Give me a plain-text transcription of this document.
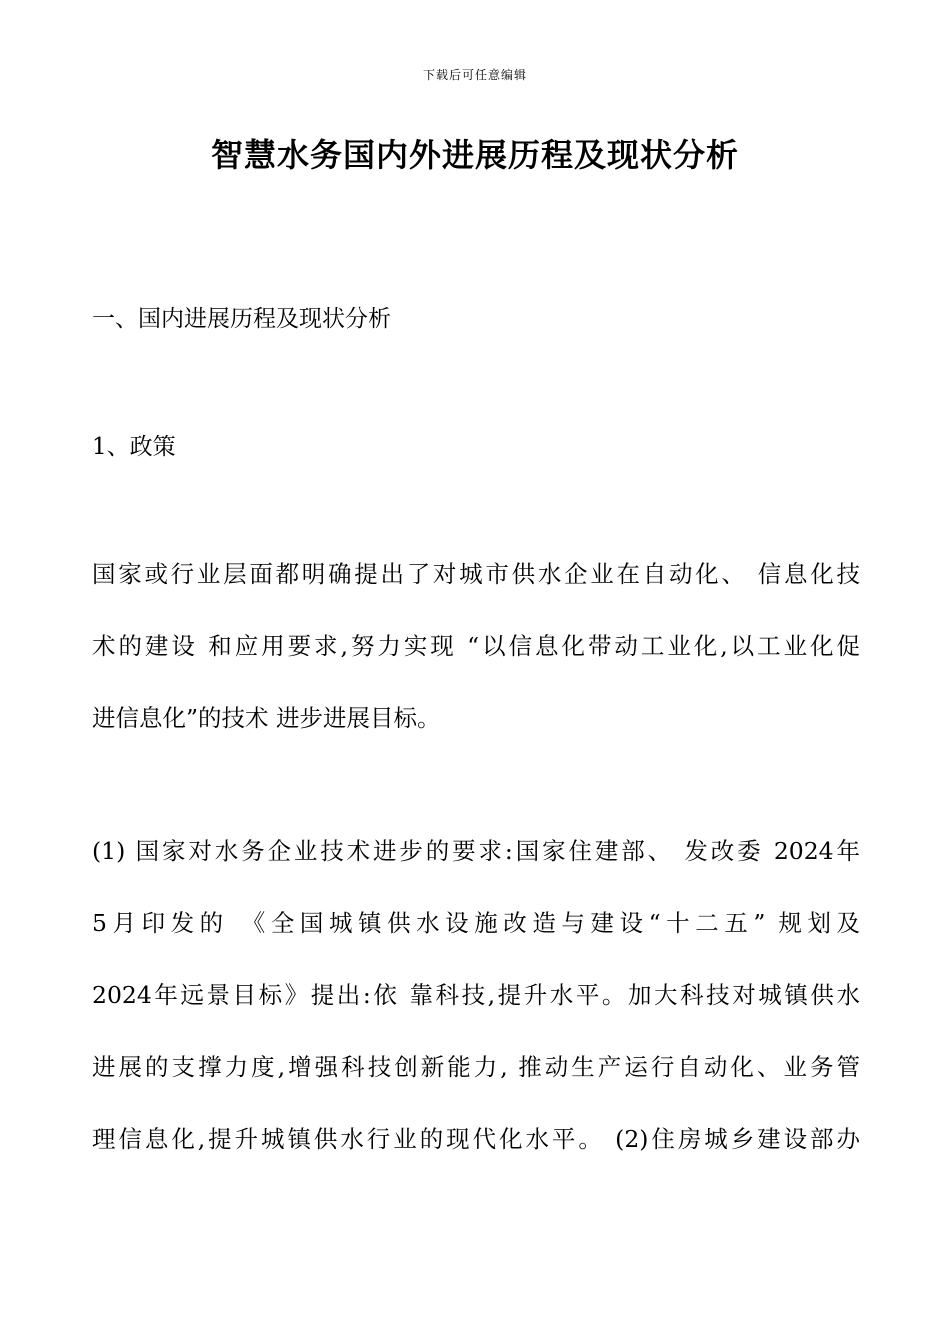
下载后可任意编辑
智慧水务国内外进展历程及现状分析
一、国内进展历程及现状分析
1、政策

国家或行业层面都明确提出了对城市供水企业在自动化、 信息化技
术的建设 和应用要求,努力实现 “以信息化带动工业化,以工业化促
进信息化”的技术 进步进展目标。

(1) 国家对水务企业技术进步的要求:国家住建部、 发改委 2024年
5月印发的 《全国城镇供水设施改造与建设“十二五” 规划及
2024年远景目标》提出:依 靠科技,提升水平。加大科技对城镇供水
进展的支撑力度,增强科技创新能力, 推动生产运行自动化、业务管
理信息化,提升城镇供水行业的现代化水平。 (2)住房城乡建设部办
